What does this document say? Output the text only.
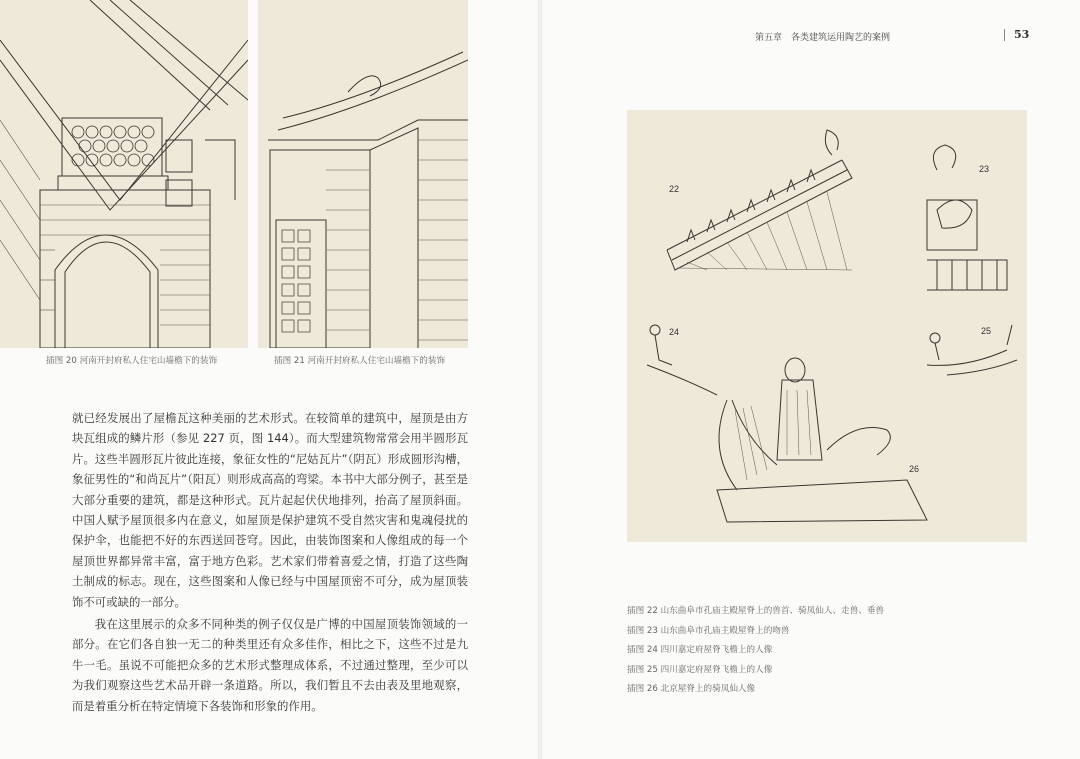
插图 20 河南开封府私人住宅山墙檐下的装饰	插图 21 河南开封府私人住宅山墙檐下的装饰

就已经发展出了屋檐瓦这种美丽的艺术形式。在较简单的建筑中，屋顶是由方块瓦组成的鳞片形（参见 227 页，图 144）。而大型建筑物常常会用半圆形瓦片。这些半圆形瓦片彼此连接，象征女性的“尼姑瓦片”（阴瓦）形成圆形沟槽，象征男性的“和尚瓦片”（阳瓦）则形成高高的弯梁。本书中大部分例子，甚至是大部分重要的建筑，都是这种形式。瓦片起起伏伏地排列，抬高了屋顶斜面。中国人赋予屋顶很多内在意义，如屋顶是保护建筑不受自然灾害和鬼魂侵扰的保护伞，也能把不好的东西送回苍穹。因此，由装饰图案和人像组成的每一个屋顶世界都异常丰富，富于地方色彩。艺术家们带着喜爱之情，打造了这些陶土制成的标志。现在，这些图案和人像已经与中国屋顶密不可分，成为屋顶装饰不可或缺的一部分。

我在这里展示的众多不同种类的例子仅仅是广博的中国屋顶装饰领域的一部分。在它们各自独一无二的种类里还有众多佳作，相比之下，这些不过是九牛一毛。虽说不可能把众多的艺术形式整理成体系，不过通过整理，至少可以为我们观察这些艺术品开辟一条道路。所以，我们暂且不去由表及里地观察，而是着重分析在特定情境下各装饰和形象的作用。

第五章　各类建筑运用陶艺的案例	53
22
23
24	25
26
插图 22 山东曲阜市孔庙主殿屋脊上的兽首、骑凤仙人、走兽、垂兽
插图 23 山东曲阜市孔庙主殿屋脊上的吻兽
插图 24 四川嘉定府屋脊飞檐上的人像
插图 25 四川嘉定府屋脊飞檐上的人像
插图 26 北京屋脊上的骑凤仙人像
